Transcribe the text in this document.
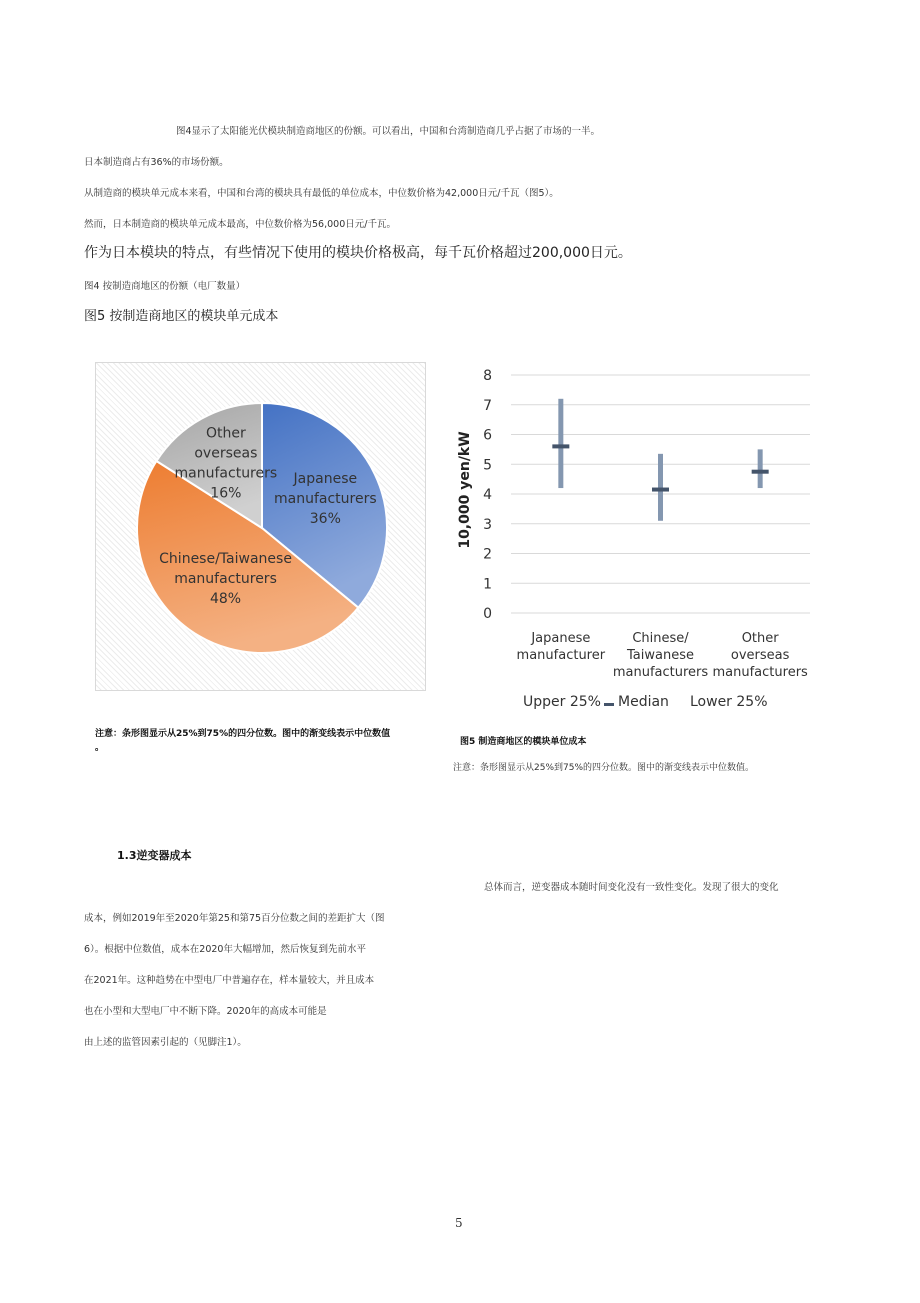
图4显示了太阳能光伏模块制造商地区的份额。可以看出，中国和台湾制造商几乎占据了市场的一半。
日本制造商占有36%的市场份额。
从制造商的模块单元成本来看，中国和台湾的模块具有最低的单位成本，中位数价格为42,000日元/千瓦（图5）。
然而，日本制造商的模块单元成本最高，中位数价格为56,000日元/千瓦。
作为日本模块的特点，有些情况下使用的模块价格极高，每千瓦价格超过200,000日元。
图4 按制造商地区的份额（电厂数量）
图5 按制造商地区的模块单元成本
Japanese
manufacturers
36%
Chinese/Taiwanese
manufacturers
48%
Other
overseas
manufacturers
16%
0
1
2
3
4
5
6
7
8
Japanese
manufacturer
Chinese/
Taiwanese
manufacturers
Other
overseas
manufacturers
Upper 25% Median Lower 25%
10,000 yen/kW
注意：条形图显示从25%到75%的四分位数。图中的渐变线表示中位数值
。
图5 制造商地区的模块单位成本
注意：条形图显示从25%到75%的四分位数。图中的渐变线表示中位数值。
1.3逆变器成本
总体而言，逆变器成本随时间变化没有一致性变化。发现了很大的变化
成本，例如2019年至2020年第25和第75百分位数之间的差距扩大（图
6）。根据中位数值，成本在2020年大幅增加，然后恢复到先前水平
在2021年。这种趋势在中型电厂中普遍存在，样本量较大，并且成本
也在小型和大型电厂中不断下降。2020年的高成本可能是
由上述的监管因素引起的（见脚注1）。
5
